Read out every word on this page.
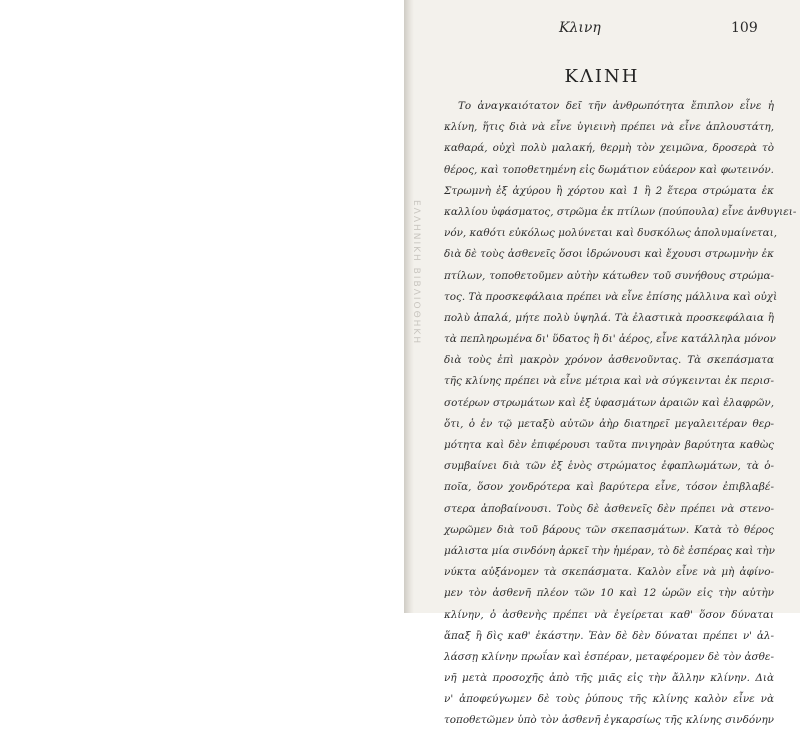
ΕΛΛΗΝΙΚΗ ΒΙΒΛΙΟΘΗΚΗ
Κλινη	109
ΚΛΙΝΗ
Το ἀναγκαιότατον δεῖ τῆν ἀνθρωπότητα ἔπιπλον εἶνε ἡ
κλίνη, ἥτις διὰ νὰ εἶνε ὑγιεινὴ πρέπει νὰ εἶνε ἁπλουστάτη,
καθαρά, οὐχὶ πολὺ μαλακή, θερμὴ τὸν χειμῶνα, δροσερὰ τὸ
θέρος, καὶ τοποθετημένη εἰς δωμάτιον εὐάερον καὶ φωτεινόν.
Στρωμνὴ ἐξ ἀχύρου ἢ χόρτου καὶ 1 ἢ 2 ἕτερα στρώματα ἐκ
καλλίου ὑφάσματος, στρῶμα ἐκ πτίλων (πούπουλα) εἶνε ἀνθυγιει-
νόν, καθότι εὐκόλως μολύνεται καὶ δυσκόλως ἀπολυμαίνεται,
διὰ δὲ τοὺς ἀσθενεῖς ὅσοι ἱδρώνουσι καὶ ἔχουσι στρωμνὴν ἐκ
πτίλων, τοποθετοῦμεν αὐτὴν κάτωθεν τοῦ συνήθους στρώμα-
τος. Τὰ προσκεφάλαια πρέπει νὰ εἶνε ἐπίσης μάλλινα καὶ οὐχὶ
πολὺ ἁπαλά, μήτε πολὺ ὑψηλά. Τὰ ἐλαστικὰ προσκεφάλαια ἢ
τὰ πεπληρωμένα δι' ὕδατος ἢ δι' ἀέρος, εἶνε κατάλληλα μόνον
διὰ τοὺς ἐπὶ μακρὸν χρόνον ἀσθενοῦντας. Τὰ σκεπάσματα
τῆς κλίνης πρέπει νὰ εἶνε μέτρια καὶ νὰ σύγκεινται ἐκ περισ-
σοτέρων στρωμάτων καὶ ἐξ ὑφασμάτων ἀραιῶν καὶ ἐλαφρῶν,
ὅτι, ὁ ἐν τῷ μεταξὺ αὐτῶν ἀὴρ διατηρεῖ μεγαλειτέραν θερ-
μότητα καὶ δὲν ἐπιφέρουσι ταῦτα πνιγηρὰν βαρύτητα καθὼς
συμβαίνει διὰ τῶν ἐξ ἑνὸς στρώματος ἐφαπλωμάτων, τὰ ὁ-
ποῖα, ὅσον χονδρότερα καὶ βαρύτερα εἶνε, τόσον ἐπιβλαβέ-
στερα ἀποβαίνουσι. Τοὺς δὲ ἀσθενεῖς δὲν πρέπει νὰ στενο-
χωρῶμεν διὰ τοῦ βάρους τῶν σκεπασμάτων. Κατὰ τὸ θέρος
μάλιστα μία σινδόνη ἀρκεῖ τὴν ἡμέραν, τὸ δὲ ἑσπέρας καὶ τὴν
νύκτα αὐξάνομεν τὰ σκεπάσματα. Καλὸν εἶνε νὰ μὴ ἀφίνο-
μεν τὸν ἀσθενῆ πλέον τῶν 10 καὶ 12 ὡρῶν εἰς τὴν αὐτὴν
κλίνην, ὁ ἀσθενὴς πρέπει νὰ ἐγείρεται καθ' ὅσον δύναται
ἅπαξ ἢ δὶς καθ' ἑκάστην. Ἐὰν δὲ δὲν δύναται πρέπει ν' ἀλ-
λάσσῃ κλίνην πρωΐαν καὶ ἑσπέραν, μεταφέρομεν δὲ τὸν ἀσθε-
νῆ μετὰ προσοχῆς ἀπὸ τῆς μιᾶς εἰς τὴν ἄλλην κλίνην. Διὰ
ν' ἀποφεύγωμεν δὲ τοὺς ῥύπους τῆς κλίνης καλὸν εἶνε νὰ
τοποθετῶμεν ὑπὸ τὸν ἀσθενῆ ἐγκαρσίως τῆς κλίνης σινδόνην
